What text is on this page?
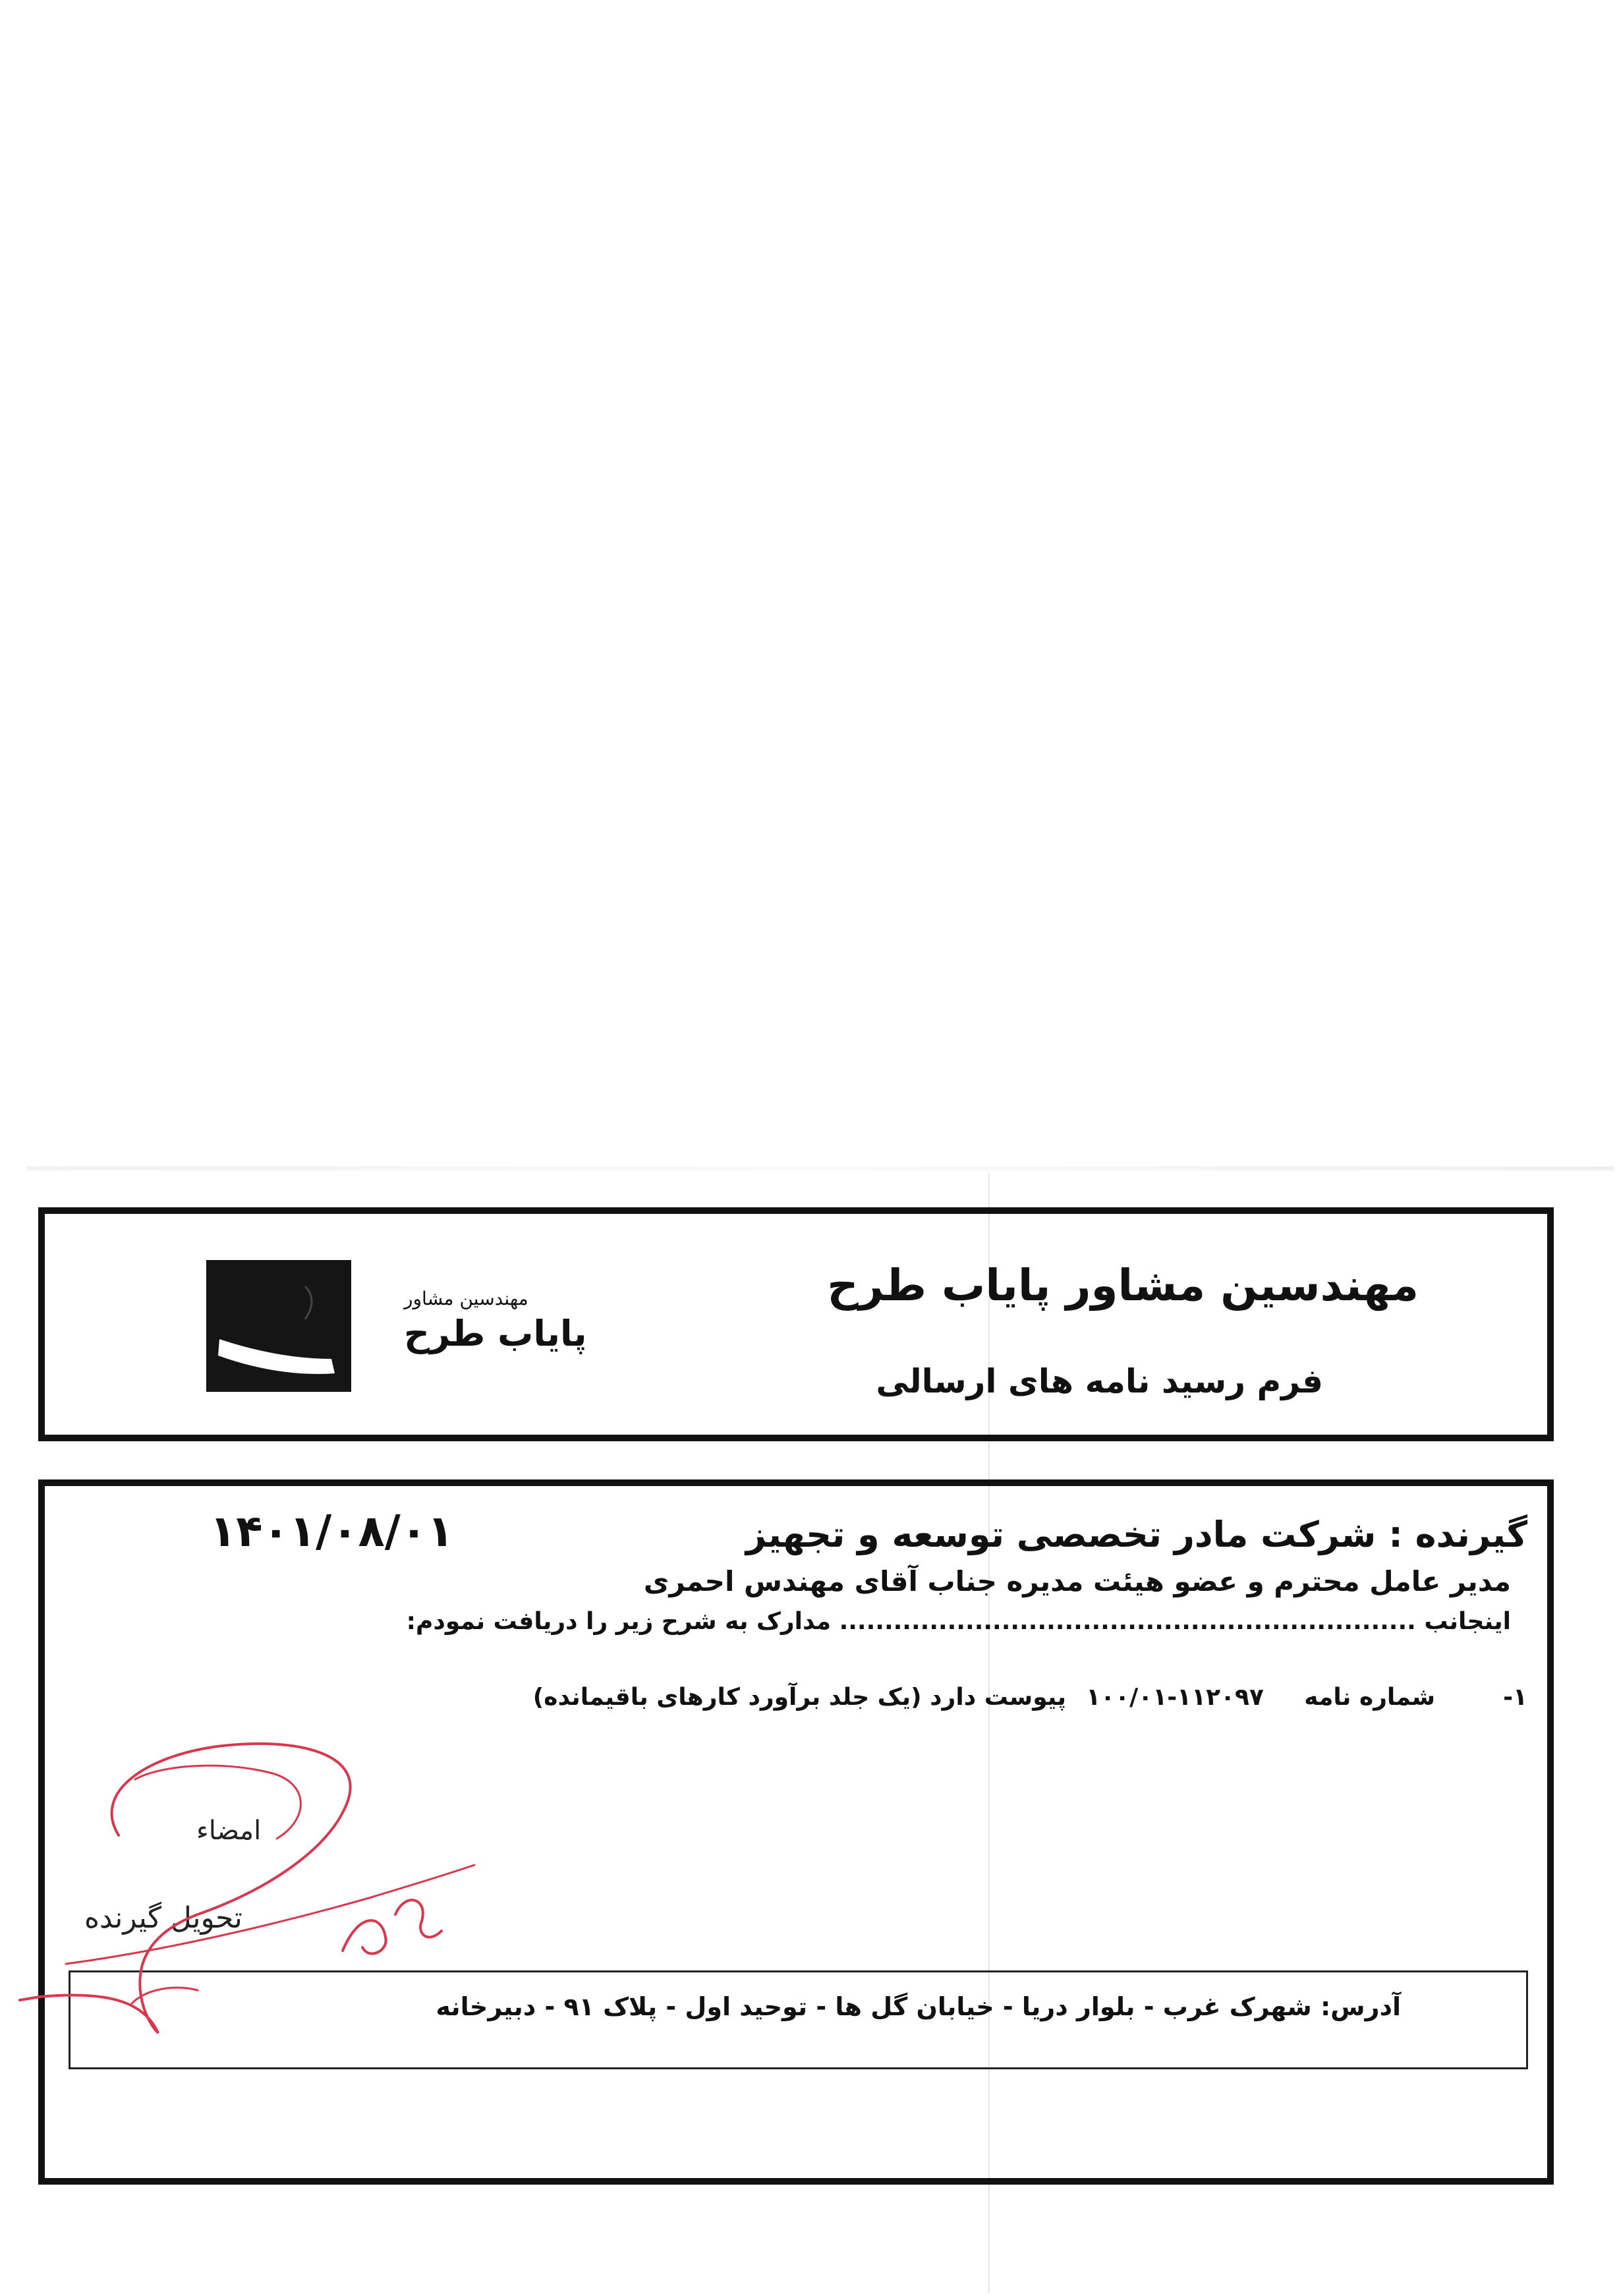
مهندسین مشاور
پایاب طرح
مهندسین مشاور پایاب طرح
فرم رسید نامه های ارسالی
۱۴۰۱/۰۸/۰۱	گیرنده : شرکت مادر تخصصی توسعه و تجهیز
مدیر عامل محترم و عضو هیئت مدیره جناب آقای مهندس احمری
اینجانب ................................................................ مدارک به شرح زیر را دریافت نمودم:
۱-
شماره نامه
۱۰۰/۰۱-۱۱۲۰۹۷
پیوست دارد (یک جلد برآورد کارهای باقیمانده)
امضاء
تحویل گیرنده
آدرس: شهرک غرب - بلوار دریا - خیابان گل ها - توحید اول - پلاک ۹۱ - دبیرخانه
